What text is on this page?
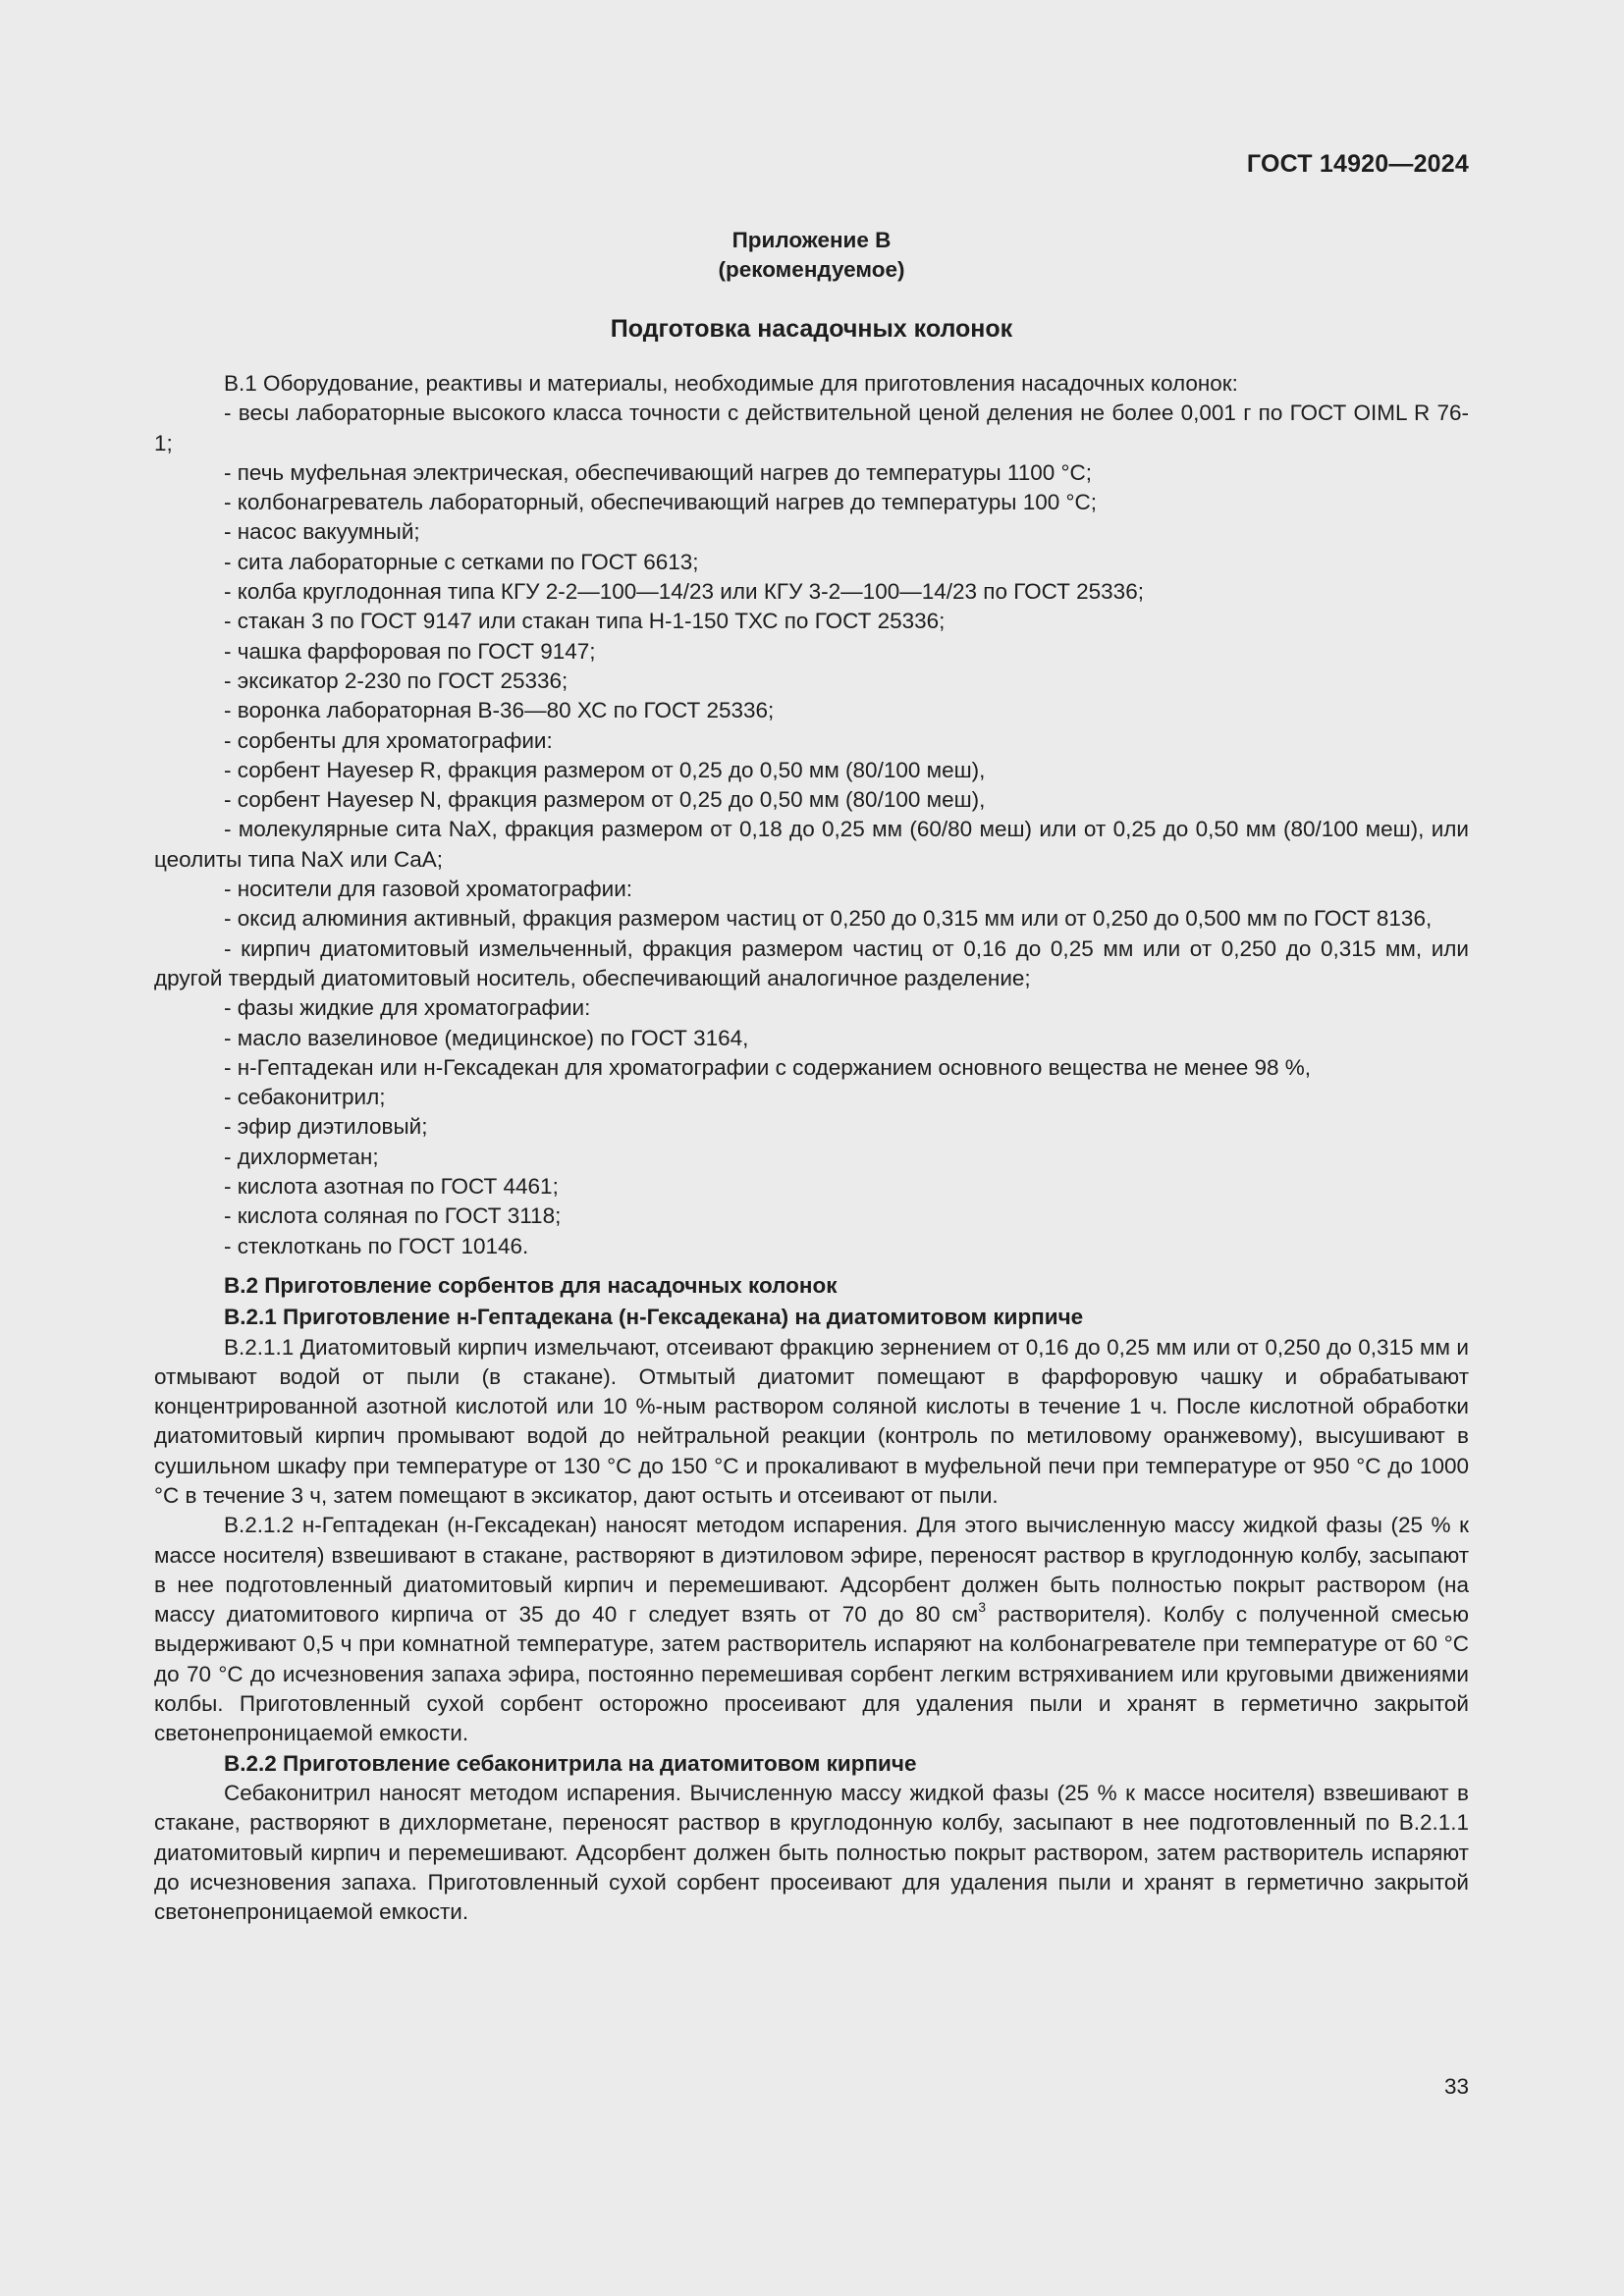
ГОСТ 14920—2024
Приложение В
(рекомендуемое)
Подготовка насадочных колонок

В.1 Оборудование, реактивы и материалы, необходимые для приготовления насадочных колонок:

- весы лабораторные высокого класса точности с действительной ценой деления не более 0,001 г по ГОСТ OIML R 76-1;

- печь муфельная электрическая, обеспечивающий нагрев до температуры 1100 °С;

- колбонагреватель лабораторный, обеспечивающий нагрев до температуры 100 °С;

- насос вакуумный;

- сита лабораторные с сетками по ГОСТ 6613;

- колба круглодонная типа КГУ 2-2—100—14/23 или КГУ 3-2—100—14/23 по ГОСТ 25336;

- стакан 3 по ГОСТ 9147 или стакан типа Н-1-150 ТХС по ГОСТ 25336;

- чашка фарфоровая по ГОСТ 9147;

- эксикатор 2-230 по ГОСТ 25336;

- воронка лабораторная В-36—80 ХС по ГОСТ 25336;

- сорбенты для хроматографии:

- сорбент Hayesep R, фракция размером от 0,25 до 0,50 мм (80/100 меш),

- сорбент Hayesep N, фракция размером от 0,25 до 0,50 мм (80/100 меш),

- молекулярные сита NaX, фракция размером от 0,18 до 0,25 мм (60/80 меш) или от 0,25 до 0,50 мм (80/100 меш), или цеолиты типа NaX или CaA;

- носители для газовой хроматографии:

- оксид алюминия активный, фракция размером частиц от 0,250 до 0,315 мм или от 0,250 до 0,500 мм по ГОСТ 8136,

- кирпич диатомитовый измельченный, фракция размером частиц от 0,16 до 0,25 мм или от 0,250 до 0,315 мм, или другой твердый диатомитовый носитель, обеспечивающий аналогичное разделение;

- фазы жидкие для хроматографии:

- масло вазелиновое (медицинское) по ГОСТ 3164,

- н-Гептадекан или н-Гексадекан для хроматографии с содержанием основного вещества не менее 98 %,

- себаконитрил;

- эфир диэтиловый;

- дихлорметан;

- кислота азотная по ГОСТ 4461;

- кислота соляная по ГОСТ 3118;

- стеклоткань по ГОСТ 10146.

В.2 Приготовление сорбентов для насадочных колонок

В.2.1 Приготовление н-Гептадекана (н-Гексадекана) на диатомитовом кирпиче

В.2.1.1 Диатомитовый кирпич измельчают, отсеивают фракцию зернением от 0,16 до 0,25 мм или от 0,250 до 0,315 мм и отмывают водой от пыли (в стакане). Отмытый диатомит помещают в фарфоровую чашку и обрабатывают концентрированной азотной кислотой или 10 %-ным раствором соляной кислоты в течение 1 ч. После кислотной обработки диатомитовый кирпич промывают водой до нейтральной реакции (контроль по метиловому оранжевому), высушивают в сушильном шкафу при температуре от 130 °С до 150 °С и прокаливают в муфельной печи при температуре от 950 °С до 1000 °С в течение 3 ч, затем помещают в эксикатор, дают остыть и отсеивают от пыли.

В.2.1.2 н-Гептадекан (н-Гексадекан) наносят методом испарения. Для этого вычисленную массу жидкой фазы (25 % к массе носителя) взвешивают в стакане, растворяют в диэтиловом эфире, переносят раствор в круглодонную колбу, засыпают в нее подготовленный диатомитовый кирпич и перемешивают. Адсорбент должен быть полностью покрыт раствором (на массу диатомитового кирпича от 35 до 40 г следует взять от 70 до 80 $см^3$ растворителя). Колбу с полученной смесью выдерживают 0,5 ч при комнатной температуре, затем растворитель испаряют на колбонагревателе при температуре от 60 °С до 70 °С до исчезновения запаха эфира, постоянно перемешивая сорбент легким встряхиванием или круговыми движениями колбы. Приготовленный сухой сорбент осторожно просеивают для удаления пыли и хранят в герметично закрытой светонепроницаемой емкости.

В.2.2 Приготовление себаконитрила на диатомитовом кирпиче

Себаконитрил наносят методом испарения. Вычисленную массу жидкой фазы (25 % к массе носителя) взвешивают в стакане, растворяют в дихлорметане, переносят раствор в круглодонную колбу, засыпают в нее подготовленный по В.2.1.1 диатомитовый кирпич и перемешивают. Адсорбент должен быть полностью покрыт раствором, затем растворитель испаряют до исчезновения запаха. Приготовленный сухой сорбент просеивают для удаления пыли и хранят в герметично закрытой светонепроницаемой емкости.

33
